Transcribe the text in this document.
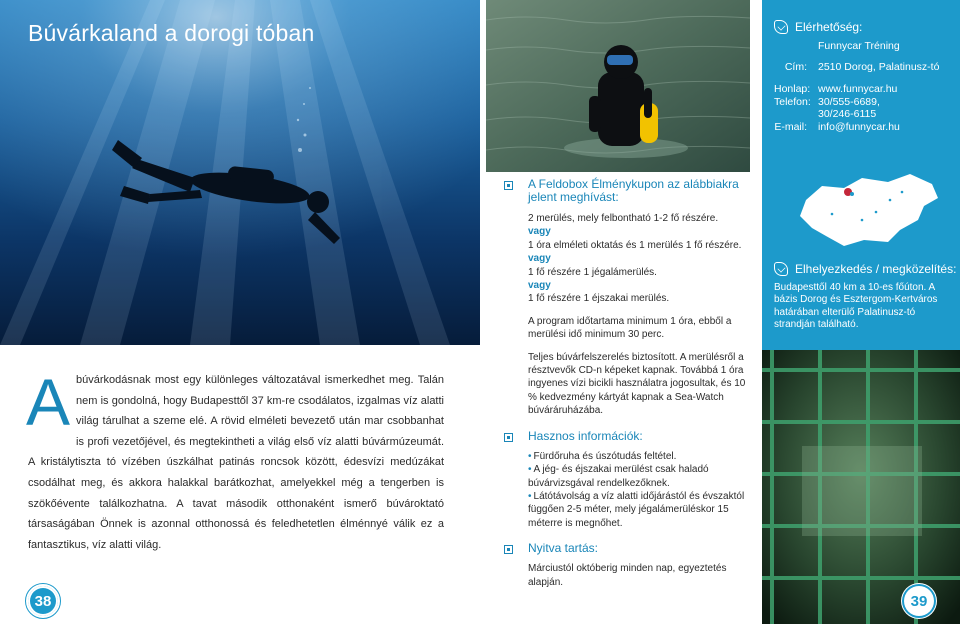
Búvárkaland a dorogi tóban
Abúvárkodásnak most egy különleges változatával ismerkedhet meg. Talán nem is gondolná, hogy Budapesttől 37 km-re csodálatos, izgalmas víz alatti világ tárulhat a szeme elé. A rövid elméleti bevezető után mar csobbanhat is profi vezetőjével, és megtekintheti a világ első víz alatti búvármúzeumát. A kristálytiszta tó vízében úszkálhat patinás roncsok között, édesvízi medúzákat csodálhat meg, és akkora halakkal barátkozhat, amelyekkel még a tengerben is szökőévente találkozhatna. A tavat második otthonaként ismerő búvároktató társaságában Önnek is azonnal otthonossá és feledhetetlen élménnyé válik ez a fantasztikus, víz alatti világ.
38
A Feldobox Élménykupon az alábbiakra jelent meghívást:
2 merülés, mely felbontható 1-2 fő részére.
vagy
1 óra elméleti oktatás és 1 merülés 1 fő részére.
vagy
1 fő részére 1 jégalámerülés.
vagy
1 fő részére 1 éjszakai merülés.
A program időtartama minimum 1 óra, ebből a merülési idő minimum 30 perc.
Teljes búvárfelszerelés biztosított. A merülésről a résztvevők CD-n képeket kapnak. Továbbá 1 óra ingyenes vízi bicikli használatra jogosultak, és 10 % kedvezmény kártyát kapnak a Sea-Watch búváráruházába.
Hasznos információk:
• Fürdőruha és úszótudás feltétel.
• A jég- és éjszakai merülést csak haladó búvárvizsgával rendelkezőknek.
• Látótávolság a víz alatti időjárástól és évszaktól függően 2-5 méter, mely jégalámerüléskor 15 méterre is megnőhet.
Nyitva tartás:
Márciustól októberig minden nap, egyeztetés alapján.
Elérhetőség:
Funnycar Tréning
Cím:	2510 Dorog, Palatinusz-tó
Honlap: www.funnycar.hu
Telefon: 30/555-6689,
30/246-6115
E-mail:	info@funnycar.hu
Elhelyezkedés / megközelítés:
Budapesttől 40 km a 10-es főúton. A bázis Dorog és Esztergom-Kertváros határában elterülő Palatinusz-tó strandján található.
39
